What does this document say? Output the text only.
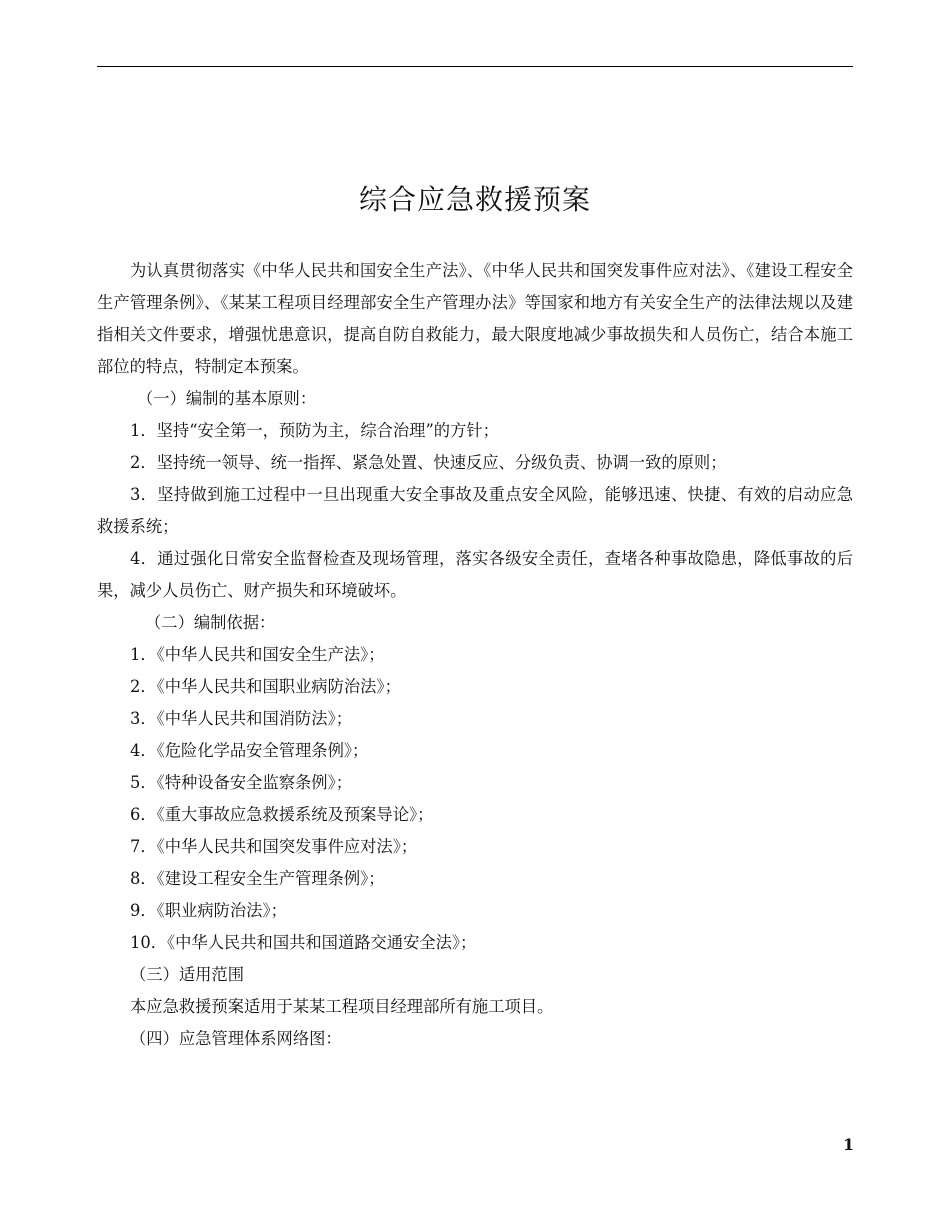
综合应急救援预案

为认真贯彻落实《中华人民共和国安全生产法》、《中华人民共和国突发事件应对法》、《建设工程安全生产管理条例》、《某某工程项目经理部安全生产管理办法》等国家和地方有关安全生产的法律法规以及建指相关文件要求，增强忧患意识，提高自防自救能力，最大限度地减少事故损失和人员伤亡，结合本施工部位的特点，特制定本预案。

（一）编制的基本原则：

1．坚持“安全第一，预防为主，综合治理”的方针；

2．坚持统一领导、统一指挥、紧急处置、快速反应、分级负责、协调一致的原则；

3．坚持做到施工过程中一旦出现重大安全事故及重点安全风险，能够迅速、快捷、有效的启动应急救援系统；

4．通过强化日常安全监督检查及现场管理，落实各级安全责任，查堵各种事故隐患，降低事故的后果，减少人员伤亡、财产损失和环境破坏。

（二）编制依据：

1．《中华人民共和国安全生产法》；

2．《中华人民共和国职业病防治法》；

3．《中华人民共和国消防法》；

4．《危险化学品安全管理条例》；

5．《特种设备安全监察条例》；

6．《重大事故应急救援系统及预案导论》；

7．《中华人民共和国突发事件应对法》；

8．《建设工程安全生产管理条例》；

9．《职业病防治法》；

10．《中华人民共和国共和国道路交通安全法》；

（三）适用范围

本应急救援预案适用于某某工程项目经理部所有施工项目。

（四）应急管理体系网络图：

1
